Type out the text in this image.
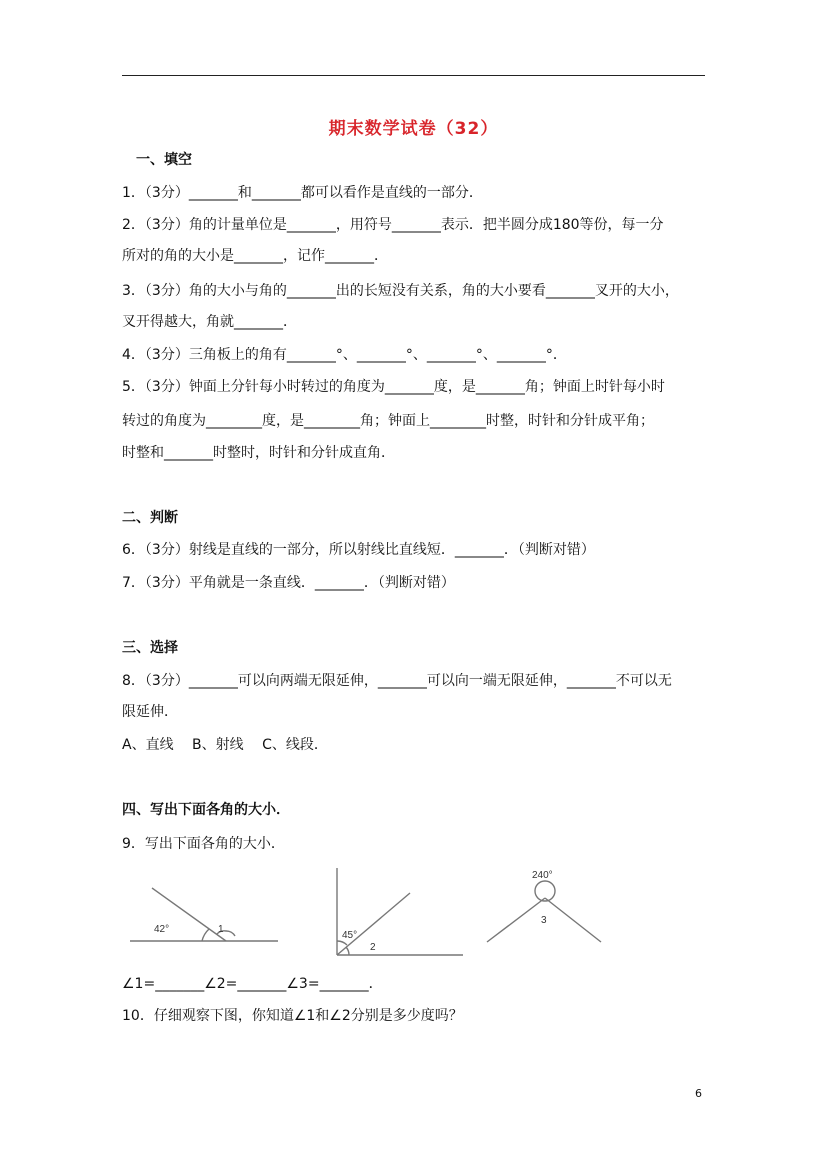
期末数学试卷（32）
一、填空
1．（3分）_______和_______都可以看作是直线的一部分．
2．（3分）角的计量单位是_______，用符号_______表示．把半圆分成180等份，每一分
所对的角的大小是_______，记作_______．
3．（3分）角的大小与角的_______出的长短没有关系，角的大小要看_______叉开的大小，
叉开得越大，角就_______．
4．（3分）三角板上的角有_______°、_______°、_______°、_______°．
5．（3分）钟面上分针每小时转过的角度为_______度，是_______角；钟面上时针每小时
转过的角度为________度，是________角；钟面上________时整，时针和分针成平角；
时整和_______时整时，时针和分针成直角．
二、判断
6．（3分）射线是直线的一部分，所以射线比直线短．_______．（判断对错）
7．（3分）平角就是一条直线．_______．（判断对错）
三、选择
8．（3分）_______可以向两端无限延伸，_______可以向一端无限延伸，_______不可以无
限延伸．
A、直线　 B、射线　 C、线段．
四、写出下面各角的大小．
9．写出下面各角的大小．
42°	1
45°
2
240°
3
∠1=_______∠2=_______∠3=_______．
10．仔细观察下图，你知道∠1和∠2分别是多少度吗？
6
